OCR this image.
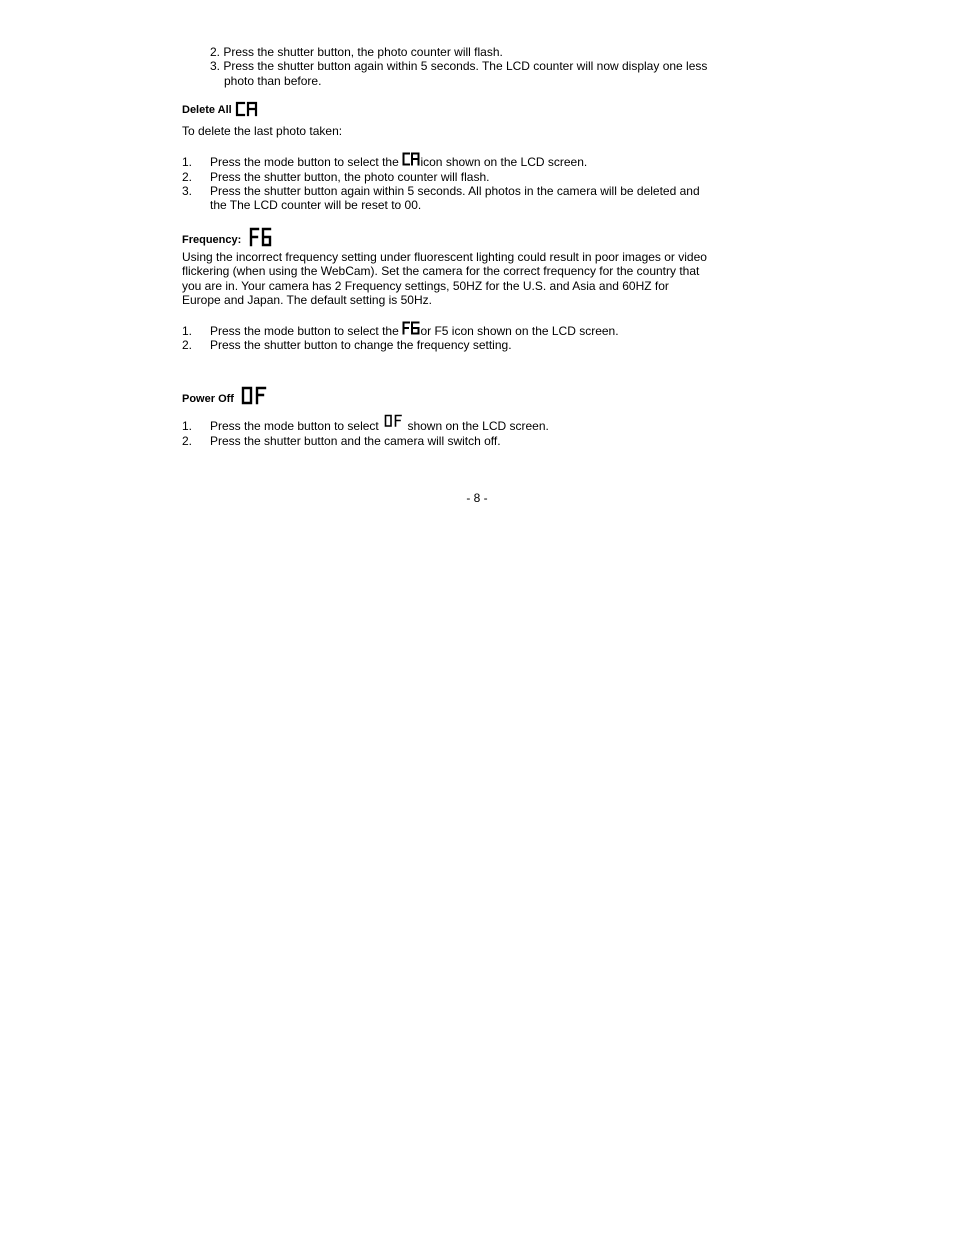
2. Press the shutter button, the photo counter will flash.
3. Press the shutter button again within 5 seconds. The LCD counter will now display one less
photo than before.
Delete All
To delete the last photo taken:
1. Press the mode button to select the icon shown on the LCD screen.
2. Press the shutter button, the photo counter will flash.
3. Press the shutter button again within 5 seconds. All photos in the camera will be deleted and
the The LCD counter will be reset to 00.
Frequency:
Using the incorrect frequency setting under fluorescent lighting could result in poor images or video
flickering (when using the WebCam). Set the camera for the correct frequency for the country that
you are in. Your camera has 2 Frequency settings, 50HZ for the U.S. and Asia and 60HZ for
Europe and Japan. The default setting is 50Hz.
1. Press the mode button to select the or F5 icon shown on the LCD screen.
2. Press the shutter button to change the frequency setting.
Power Off
1. Press the mode button to select shown on the LCD screen.
2. Press the shutter button and the camera will switch off.
- 8 -
